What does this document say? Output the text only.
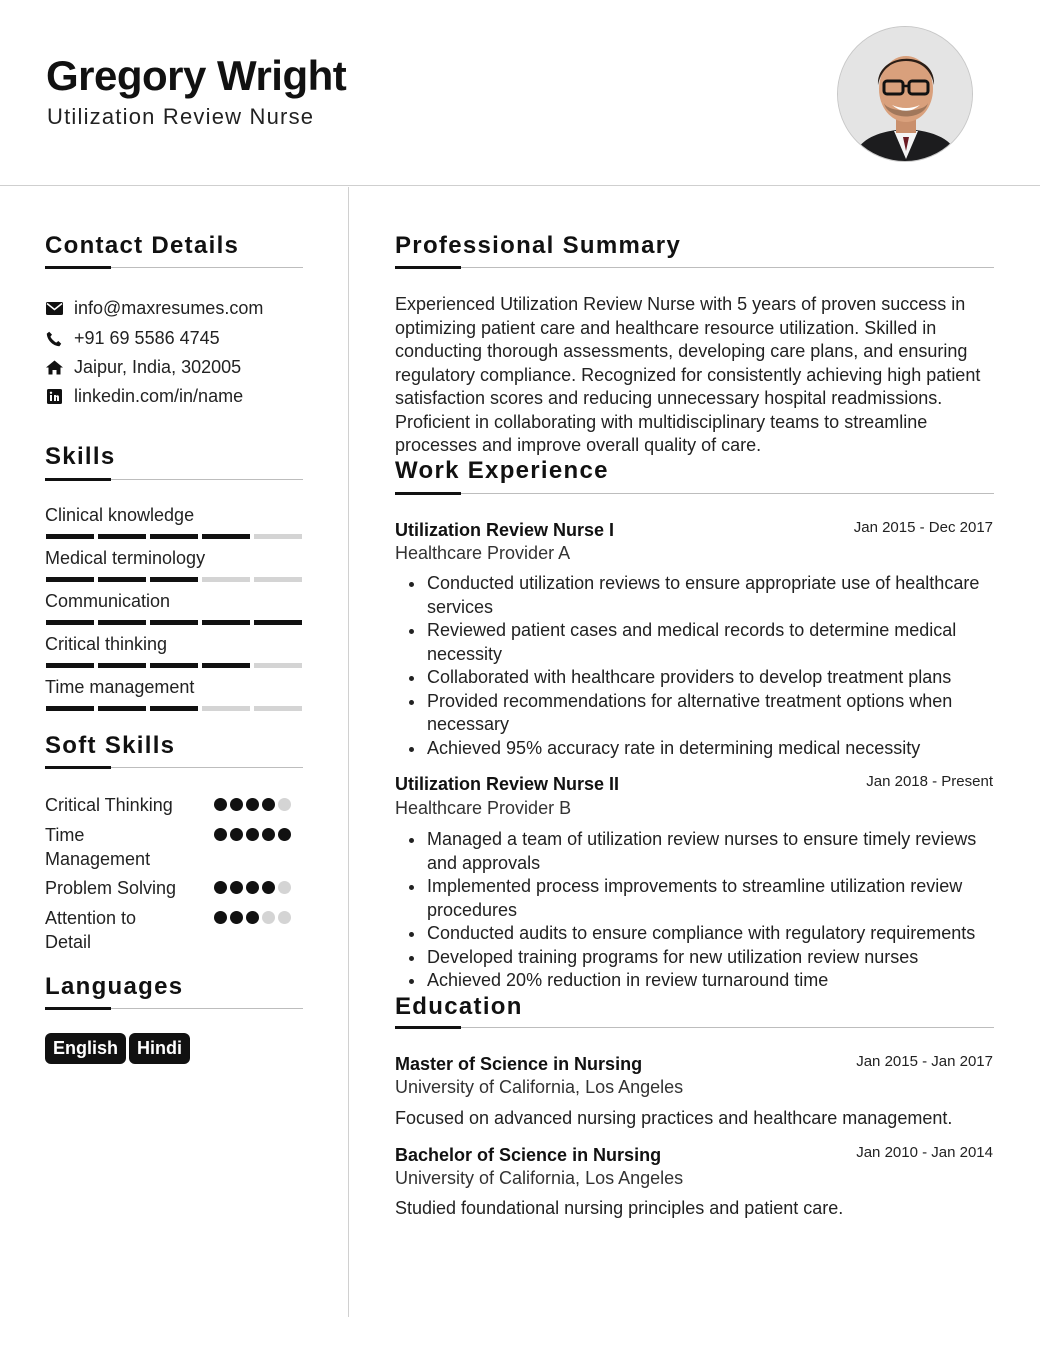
Gregory Wright
Utilization Review Nurse
Contact Details
info@maxresumes.com
+91 69 5586 4745
Jaipur, India, 302005
linkedin.com/in/name
Skills
Clinical knowledge
Medical terminology
Communication
Critical thinking
Time management
Soft Skills
Critical Thinking
Time
Management
Problem Solving
Attention to
Detail
Languages
English	Hindi
Professional Summary
Experienced Utilization Review Nurse with 5 years of proven success in optimizing patient care and healthcare resource utilization. Skilled in conducting thorough assessments, developing care plans, and ensuring regulatory compliance. Recognized for consistently achieving high patient satisfaction scores and reducing unnecessary hospital readmissions. Proficient in collaborating with multidisciplinary teams to streamline processes and improve overall quality of care.
Work Experience
Utilization Review Nurse I	Jan 2015 - Dec 2017
Healthcare Provider A
Conducted utilization reviews to ensure appropriate use of healthcare services
Reviewed patient cases and medical records to determine medical necessity
Collaborated with healthcare providers to develop treatment plans
Provided recommendations for alternative treatment options when necessary
Achieved 95% accuracy rate in determining medical necessity
Utilization Review Nurse II	Jan 2018 - Present
Healthcare Provider B
Managed a team of utilization review nurses to ensure timely reviews and approvals
Implemented process improvements to streamline utilization review procedures
Conducted audits to ensure compliance with regulatory requirements
Developed training programs for new utilization review nurses
Achieved 20% reduction in review turnaround time
Education
Master of Science in Nursing	Jan 2015 - Jan 2017
University of California, Los Angeles
Focused on advanced nursing practices and healthcare management.
Bachelor of Science in Nursing	Jan 2010 - Jan 2014
University of California, Los Angeles
Studied foundational nursing principles and patient care.
